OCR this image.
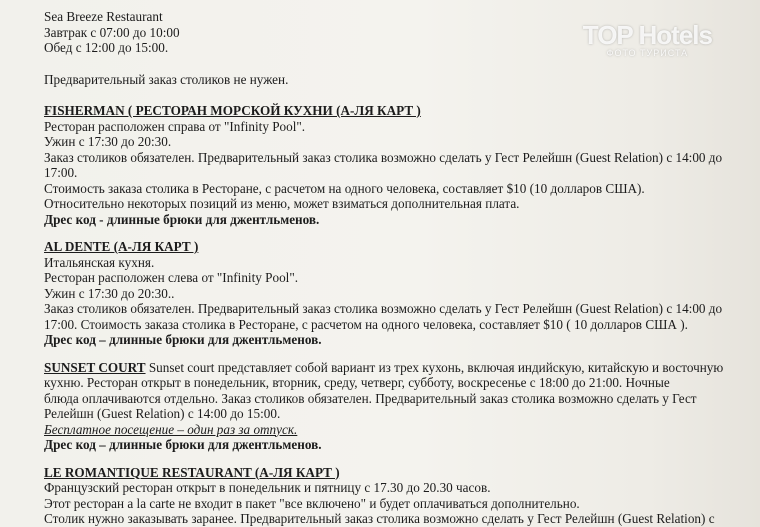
TOP Hotels
ФОТО ТУРИСТА
Sea Breeze Restaurant
Завтрак с 07:00 до 10:00
Обед с 12:00 до 15:00.
Предварительный заказ столиков не нужен.
FISHERMAN ( РЕСТОРАН МОРСКОЙ КУХНИ (А-ЛЯ КАРТ )
Ресторан расположен справа от "Infinity Pool".
Ужин с 17:30 до 20:30.
Заказ столиков обязателен. Предварительный заказ столика возможно сделать у Гест Релейшн (Guest Relation) с 14:00 до
17:00.
Стоимость заказа столика в Ресторане, с расчетом на одного человека, составляет $10 (10 долларов США).
Относительно некоторых позиций из меню, может взиматься дополнительная плата.
Дрес код - длинные брюки для джентльменов.
AL DENTE (А-ЛЯ КАРТ )
Итальянская кухня.
Ресторан расположен слева от "Infinity Pool".
Ужин с 17:30 до 20:30..
Заказ столиков обязателен. Предварительный заказ столика возможно сделать у Гест Релейшн (Guest Relation) с 14:00 до
17:00. Стоимость заказа столика в Ресторане, с расчетом на одного человека, составляет $10 ( 10 долларов США ).
Дрес код – длинные брюки для джентльменов.
SUNSET COURT Sunset court представляет собой вариант из трех кухонь, включая индийскую, китайскую и восточную
кухню. Ресторан открыт в понедельник, вторник, среду, четверг, субботу, воскресенье с 18:00 до 21:00. Ночные
блюда оплачиваются отдельно. Заказ столиков обязателен. Предварительный заказ столика возможно сделать у Гест
Релейшн (Guest Relation) с 14:00 до 15:00.
Бесплатное посещение – один раз за отпуск.
Дрес код – длинные брюки для джентльменов.
LE ROMANTIQUE RESTAURANT (А-ЛЯ КАРТ )
Французский ресторан открыт в понедельник и пятницу с 17.30 до 20.30 часов.
Этот ресторан а la carte не входит в пакет "все включено" и будет оплачиваться дополнительно.
Столик нужно заказывать заранее. Предварительный заказ столика возможно сделать у Гест Релейшн (Guest Relation) с
